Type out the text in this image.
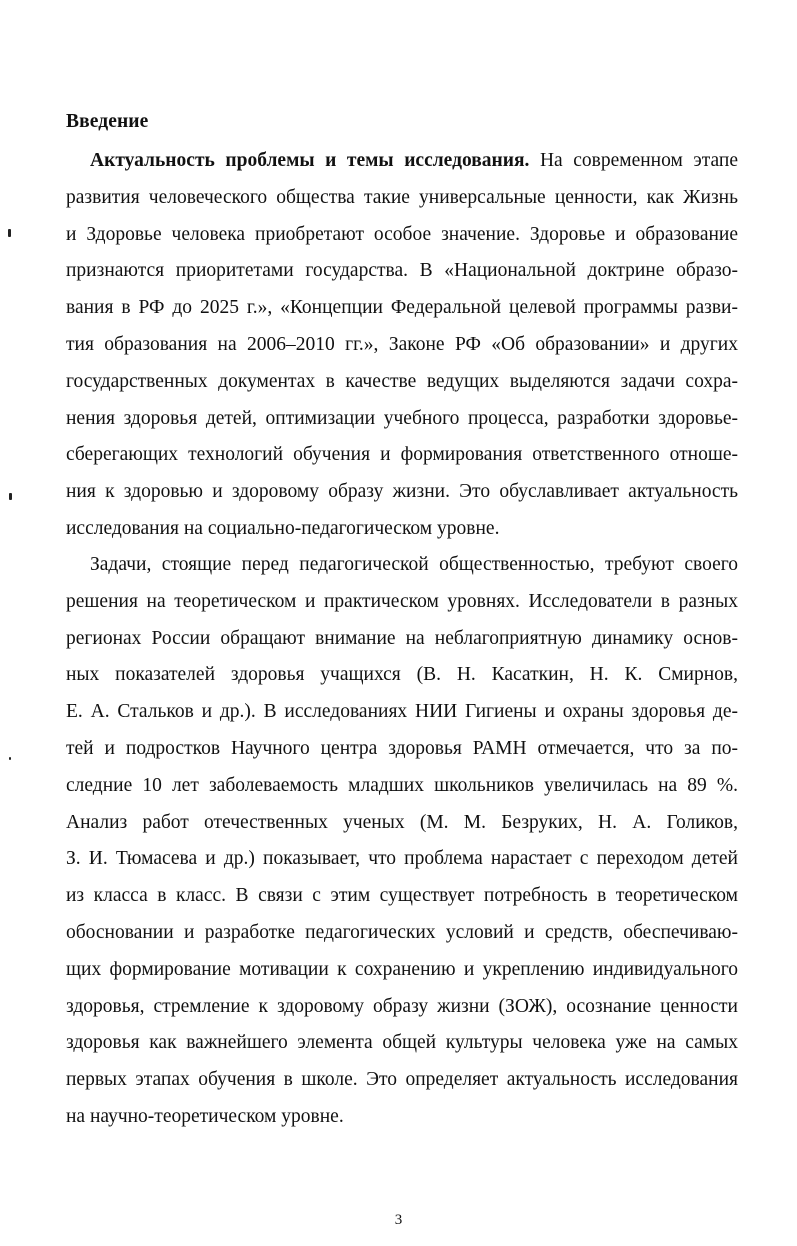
Введение
Актуальность проблемы и темы исследования. На современном этапе
развития человеческого общества такие универсальные ценности, как Жизнь
и Здоровье человека приобретают особое значение. Здоровье и образование
признаются приоритетами государства. В «Национальной доктрине образо-
вания в РФ до 2025 г.», «Концепции Федеральной целевой программы разви-
тия образования на 2006–2010 гг.», Законе РФ «Об образовании» и других
государственных документах в качестве ведущих выделяются задачи сохра-
нения здоровья детей, оптимизации учебного процесса, разработки здоровье-
сберегающих технологий обучения и формирования ответственного отноше-
ния к здоровью и здоровому образу жизни. Это обуславливает актуальность
исследования на социально-педагогическом уровне.
Задачи, стоящие перед педагогической общественностью, требуют своего
решения на теоретическом и практическом уровнях. Исследователи в разных
регионах России обращают внимание на неблагоприятную динамику основ-
ных показателей здоровья учащихся (В. Н. Касаткин, Н. К. Смирнов,
Е. А. Стальков и др.). В исследованиях НИИ Гигиены и охраны здоровья де-
тей и подростков Научного центра здоровья РАМН отмечается, что за по-
следние 10 лет заболеваемость младших школьников увеличилась на 89 %.
Анализ работ отечественных ученых (М. М. Безруких, Н. А. Голиков,
З. И. Тюмасева и др.) показывает, что проблема нарастает с переходом детей
из класса в класс. В связи с этим существует потребность в теоретическом
обосновании и разработке педагогических условий и средств, обеспечиваю-
щих формирование мотивации к сохранению и укреплению индивидуального
здоровья, стремление к здоровому образу жизни (ЗОЖ), осознание ценности
здоровья как важнейшего элемента общей культуры человека уже на самых
первых этапах обучения в школе. Это определяет актуальность исследования
на научно-теоретическом уровне.
3
